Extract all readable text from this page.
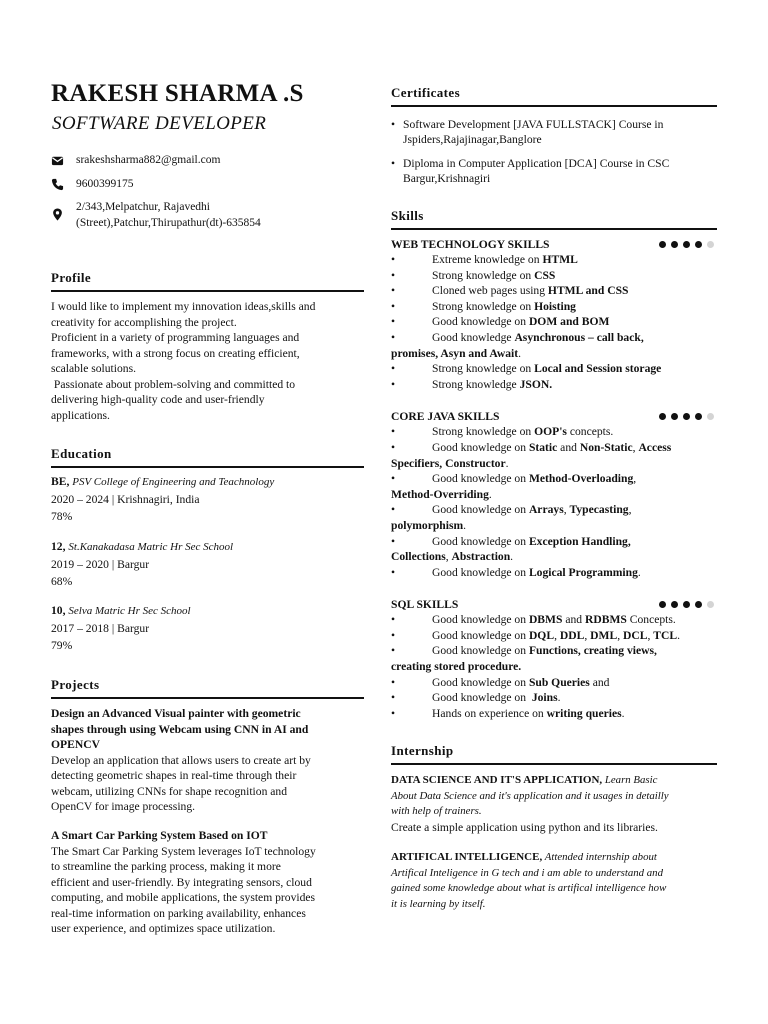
RAKESH SHARMA .S
SOFTWARE DEVELOPER
srakeshsharma882@gmail.com
9600399175
2/343,Melpatchur, Rajavedhi
(Street),Patchur,Thirupathur(dt)-635854
Profile
I would like to implement my innovation ideas,skills and
creativity for accomplishing the project.
Proficient in a variety of programming languages and
frameworks, with a strong focus on creating efficient,
scalable solutions.
Passionate about problem-solving and committed to
delivering high-quality code and user-friendly
applications.
Education
BE, PSV College of Engineering and Teachnology
2020 – 2024 | Krishnagiri, India
78%
12, St.Kanakadasa Matric Hr Sec School
2019 – 2020 | Bargur
68%
10, Selva Matric Hr Sec School
2017 – 2018 | Bargur
79%
Projects
Design an Advanced Visual painter with geometric
shapes through using Webcam using CNN in AI and
OPENCV
Develop an application that allows users to create art by
detecting geometric shapes in real-time through their
webcam, utilizing CNNs for shape recognition and
OpenCV for image processing.
A Smart Car Parking System Based on IOT
The Smart Car Parking System leverages IoT technology
to streamline the parking process, making it more
efficient and user-friendly. By integrating sensors, cloud
computing, and mobile applications, the system provides
real-time information on parking availability, enhances
user experience, and optimizes space utilization.
Certificates
• Software Development [JAVA FULLSTACK] Course in
Jspiders,Rajajinagar,Banglore
• Diploma in Computer Application [DCA] Course in CSC
Bargur,Krishnagiri
Skills
WEB TECHNOLOGY SKILLS
• Extreme knowledge on HTML
• Strong knowledge on CSS
• Cloned web pages using HTML and CSS
• Strong knowledge on Hoisting
• Good knowledge on DOM and BOM
• Good knowledge Asynchronous – call back,
promises, Asyn and Await.
• Strong knowledge on Local and Session storage
• Strong knowledge JSON.
CORE JAVA SKILLS
• Strong knowledge on OOP's concepts.
• Good knowledge on Static and Non-Static, Access
Specifiers, Constructor.
• Good knowledge on Method-Overloading,
Method-Overriding.
• Good knowledge on Arrays, Typecasting,
polymorphism.
• Good knowledge on Exception Handling,
Collections, Abstraction.
• Good knowledge on Logical Programming.
SQL SKILLS
• Good knowledge on DBMS and RDBMS Concepts.
• Good knowledge on DQL, DDL, DML, DCL, TCL.
• Good knowledge on Functions, creating views,
creating stored procedure.
• Good knowledge on Sub Queries and
• Good knowledge on  Joins.
• Hands on experience on writing queries.
Internship
DATA SCIENCE AND IT'S APPLICATION, Learn Basic
About Data Science and it's application and it usages in detailly
with help of trainers.
Create a simple application using python and its libraries.
ARTIFICAL INTELLIGENCE, Attended internship about
Artifical Inteligence in G tech and i am able to understand and
gained some knowledge about what is artifical intelligence how
it is learning by itself.
